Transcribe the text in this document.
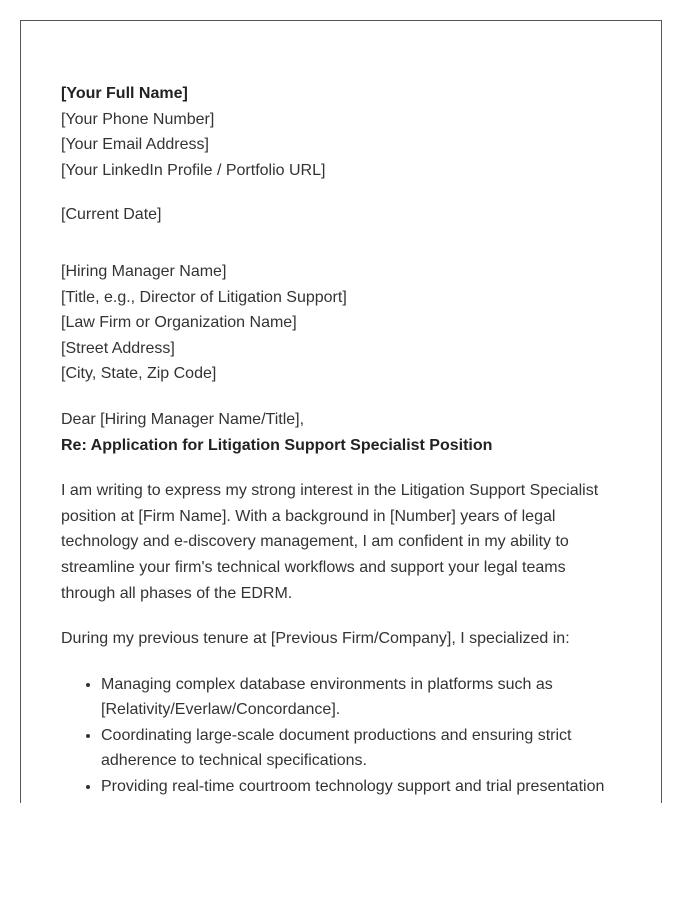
[Your Full Name]
[Your Phone Number]
[Your Email Address]
[Your LinkedIn Profile / Portfolio URL]
[Current Date]
[Hiring Manager Name]
[Title, e.g., Director of Litigation Support]
[Law Firm or Organization Name]
[Street Address]
[City, State, Zip Code]
Dear [Hiring Manager Name/Title],
Re: Application for Litigation Support Specialist Position

I am writing to express my strong interest in the Litigation Support Specialist position at [Firm Name]. With a background in [Number] years of legal technology and e-discovery management, I am confident in my ability to streamline your firm's technical workflows and support your legal teams through all phases of the EDRM.

During my previous tenure at [Previous Firm/Company], I specialized in:

• Managing complex database environments in platforms such as [Relativity/Everlaw/Concordance].
• Coordinating large-scale document productions and ensuring strict adherence to technical specifications.
• Providing real-time courtroom technology support and trial presentation
